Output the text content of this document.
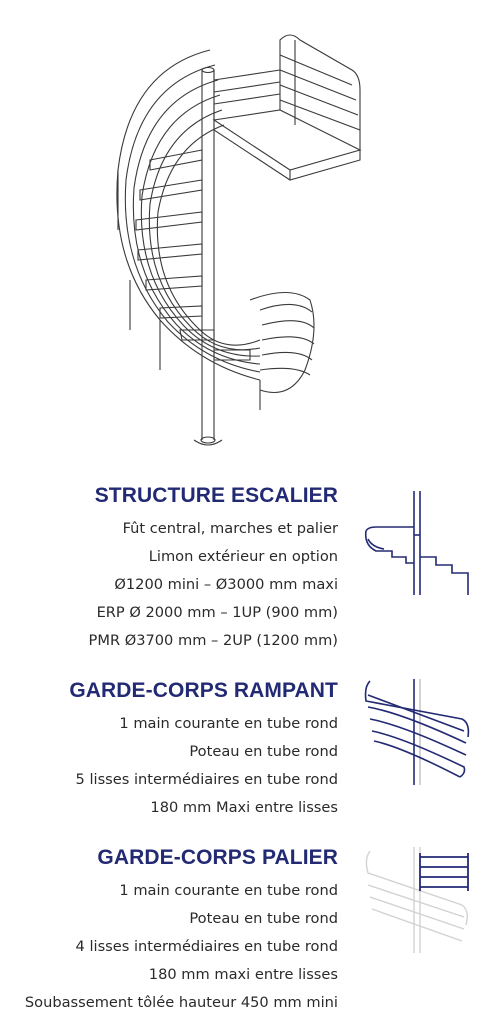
STRUCTURE ESCALIER
Fût central, marches et palier
Limon extérieur en option
Ø1200 mini – Ø3000 mm maxi
ERP Ø 2000 mm – 1UP (900 mm)
PMR Ø3700 mm – 2UP (1200 mm)
GARDE-CORPS RAMPANT
1 main courante en tube rond
Poteau en tube rond
5 lisses intermédiaires en tube rond
180 mm Maxi entre lisses
GARDE-CORPS PALIER
1 main courante en tube rond
Poteau en tube rond
4 lisses intermédiaires en tube rond
180 mm maxi entre lisses
Soubassement tôlée hauteur 450 mm mini
